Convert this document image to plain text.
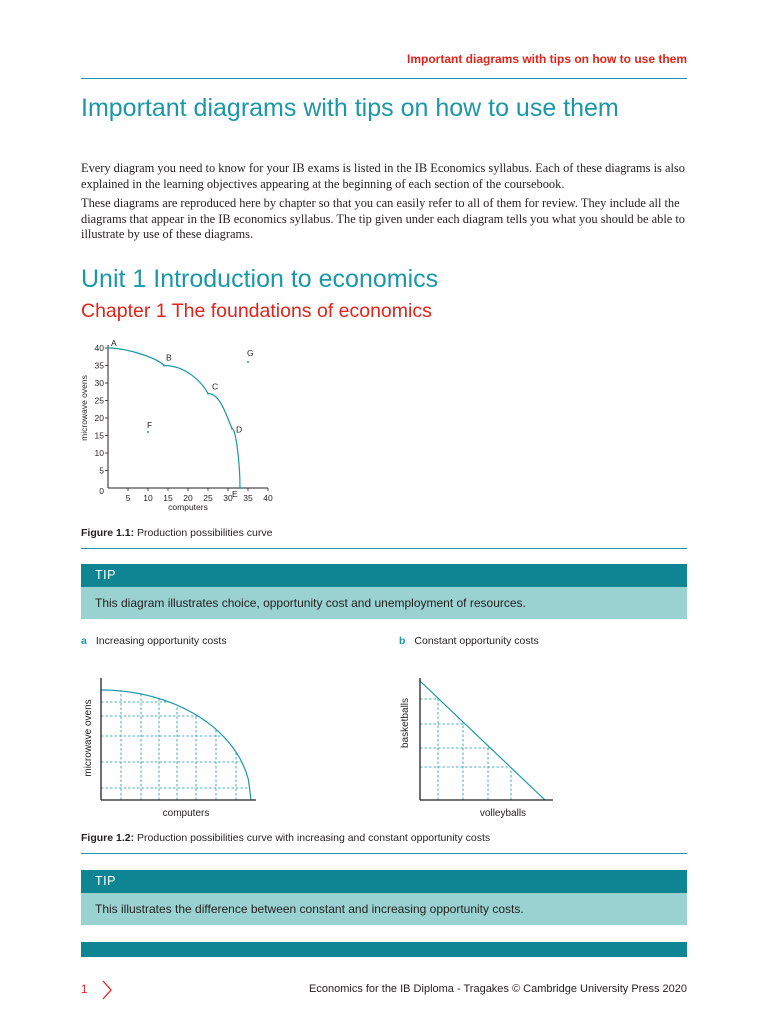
Important diagrams with tips on how to use them
Important diagrams with tips on how to use them
Every diagram you need to know for your IB exams is listed in the IB Economics syllabus. Each of these diagrams is also explained in the learning objectives appearing at the beginning of each section of the coursebook.
These diagrams are reproduced here by chapter so that you can easily refer to all of them for review. They include all the diagrams that appear in the IB economics syllabus. The tip given under each diagram tells you what you should be able to illustrate by use of these diagrams.
Unit 1 Introduction to economics
Chapter 1 The foundations of economics
5 10 15 20 25 30 35 40
5
10
15
20
25
30
35
40 A
B
C
D
E
F
G
computers
microwave ovens
0
Figure 1.1: Production possibilities curve
TIP
This diagram illustrates choice, opportunity cost and unemployment of resources.
a Increasing opportunity costs	b Constant opportunity costs
computers
microwave ovens
volleyballs
basketballs
Figure 1.2: Production possibilities curve with increasing and constant opportunity costs
TIP
This illustrates the difference between constant and increasing opportunity costs.
1	Economics for the IB Diploma - Tragakes © Cambridge University Press 2020
